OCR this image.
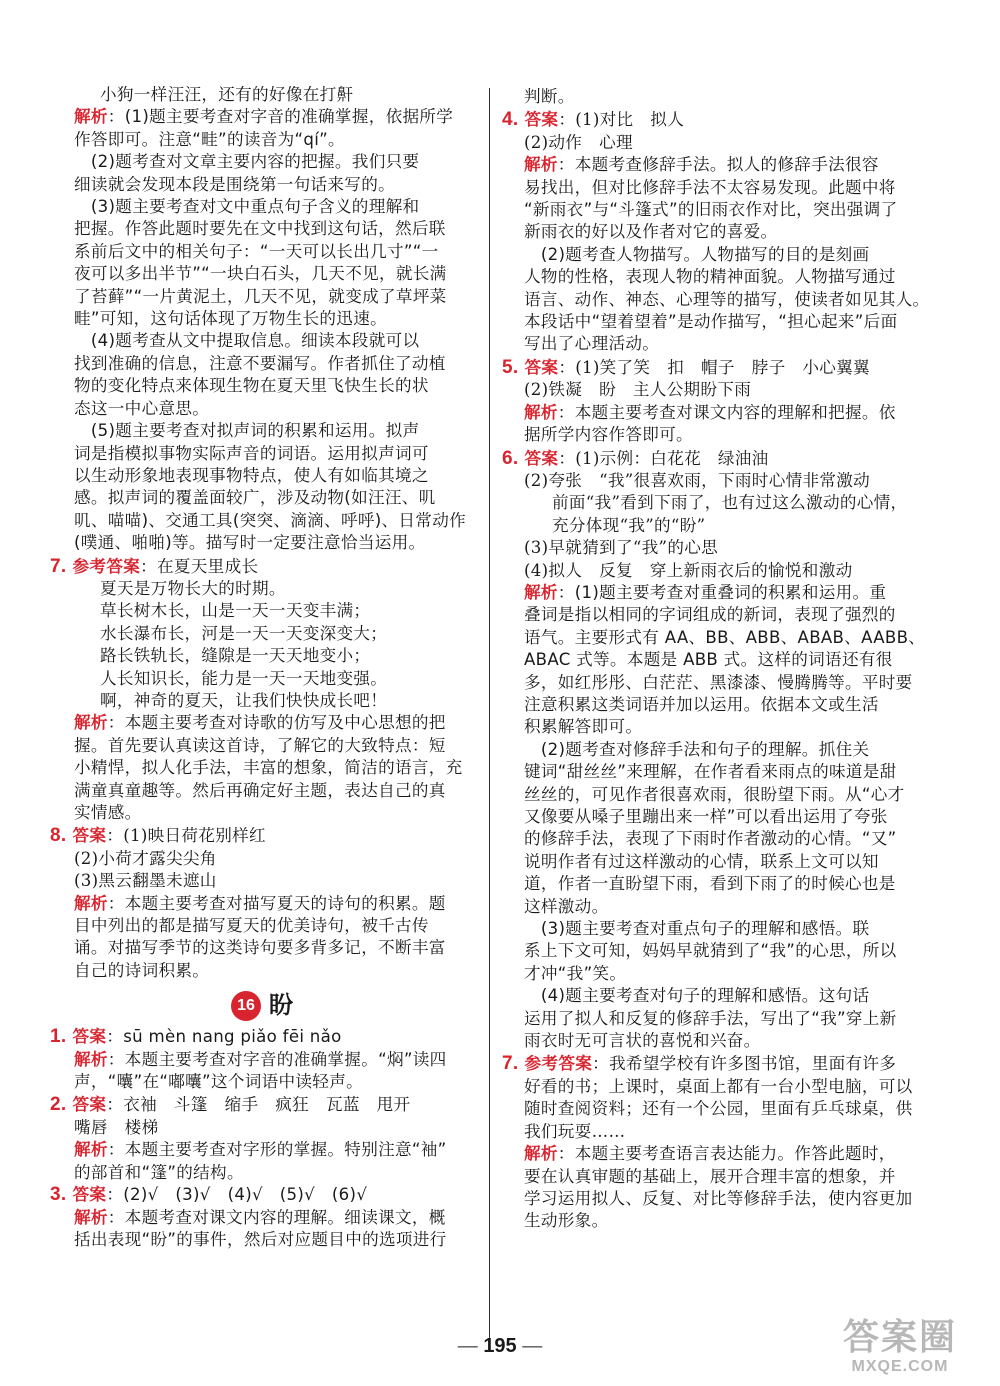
小狗一样汪汪，还有的好像在打鼾
解析：(1)题主要考查对字音的准确掌握，依据所学
作答即可。注意“畦”的读音为“qí”。
　(2)题考查对文章主要内容的把握。我们只要
细读就会发现本段是围绕第一句话来写的。
　(3)题主要考查对文中重点句子含义的理解和
把握。作答此题时要先在文中找到这句话，然后联
系前后文中的相关句子：“一天可以长出几寸”“一
夜可以多出半节”“一块白石头，几天不见，就长满
了苔藓”“一片黄泥土，几天不见，就变成了草坪菜
畦”可知，这句话体现了万物生长的迅速。
　(4)题考查从文中提取信息。细读本段就可以
找到准确的信息，注意不要漏写。作者抓住了动植
物的变化特点来体现生物在夏天里飞快生长的状
态这一中心意思。
　(5)题主要考查对拟声词的积累和运用。拟声
词是指模拟事物实际声音的词语。运用拟声词可
以生动形象地表现事物特点，使人有如临其境之
感。拟声词的覆盖面较广，涉及动物(如汪汪、叽
叽、喵喵)、交通工具(突突、滴滴、呼呼)、日常动作
(噗通、啪啪)等。描写时一定要注意恰当运用。
7. 参考答案：在夏天里成长
夏天是万物长大的时期。
草长树木长，山是一天一天变丰满；
水长瀑布长，河是一天一天变深变大；
路长铁轨长，缝隙是一天天地变小；
人长知识长，能力是一天一天地变强。
啊，神奇的夏天，让我们快快成长吧！
解析：本题主要考查对诗歌的仿写及中心思想的把
握。首先要认真读这首诗，了解它的大致特点：短
小精悍，拟人化手法，丰富的想象，简洁的语言，充
满童真童趣等。然后再确定好主题，表达自己的真
实情感。
8. 答案：(1)映日荷花别样红
(2)小荷才露尖尖角
(3)黑云翻墨未遮山
解析：本题主要考查对描写夏天的诗句的积累。题
目中列出的都是描写夏天的优美诗句，被千古传
诵。对描写季节的这类诗句要多背多记，不断丰富
自己的诗词积累。
16 盼
1. 答案：sū mèn nang piǎo fēi nǎo
解析：本题主要考查对字音的准确掌握。“焖”读四
声，“囔”在“嘟囔”这个词语中读轻声。
2. 答案：衣袖　斗篷　缩手　疯狂　瓦蓝　甩开
嘴唇　楼梯
解析：本题主要考查对字形的掌握。特别注意“袖”
的部首和“篷”的结构。
3. 答案：(2)√　(3)√　(4)√　(5)√　(6)√
解析：本题考查对课文内容的理解。细读课文，概
括出表现“盼”的事件，然后对应题目中的选项进行
判断。
4. 答案：(1)对比　拟人
(2)动作　心理
解析：本题考查修辞手法。拟人的修辞手法很容
易找出，但对比修辞手法不太容易发现。此题中将
“新雨衣”与“斗篷式”的旧雨衣作对比，突出强调了
新雨衣的好以及作者对它的喜爱。
　(2)题考查人物描写。人物描写的目的是刻画
人物的性格，表现人物的精神面貌。人物描写通过
语言、动作、神态、心理等的描写，使读者如见其人。
本段话中“望着望着”是动作描写，“担心起来”后面
写出了心理活动。
5. 答案：(1)笑了笑　扣　帽子　脖子　小心翼翼
(2)铁凝　盼　主人公期盼下雨
解析：本题主要考查对课文内容的理解和把握。依
据所学内容作答即可。
6. 答案：(1)示例：白花花　绿油油
(2)夸张　“我”很喜欢雨，下雨时心情非常激动
前面“我”看到下雨了，也有过这么激动的心情，
充分体现“我”的“盼”
(3)早就猜到了“我”的心思
(4)拟人　反复　穿上新雨衣后的愉悦和激动
解析：(1)题主要考查对重叠词的积累和运用。重
叠词是指以相同的字词组成的新词，表现了强烈的
语气。主要形式有 AA、BB、ABB、ABAB、AABB、
ABAC 式等。本题是 ABB 式。这样的词语还有很
多，如红彤彤、白茫茫、黑漆漆、慢腾腾等。平时要
注意积累这类词语并加以运用。依据本文或生活
积累解答即可。
　(2)题考查对修辞手法和句子的理解。抓住关
键词“甜丝丝”来理解，在作者看来雨点的味道是甜
丝丝的，可见作者很喜欢雨，很盼望下雨。从“心才
又像要从嗓子里蹦出来一样”可以看出运用了夸张
的修辞手法，表现了下雨时作者激动的心情。“又”
说明作者有过这样激动的心情，联系上文可以知
道，作者一直盼望下雨，看到下雨了的时候心也是
这样激动。
　(3)题主要考查对重点句子的理解和感悟。联
系上下文可知，妈妈早就猜到了“我”的心思，所以
才冲“我”笑。
　(4)题主要考查对句子的理解和感悟。这句话
运用了拟人和反复的修辞手法，写出了“我”穿上新
雨衣时无可言状的喜悦和兴奋。
7. 参考答案：我希望学校有许多图书馆，里面有许多
好看的书；上课时，桌面上都有一台小型电脑，可以
随时查阅资料；还有一个公园，里面有乒乓球桌，供
我们玩耍……
解析：本题主要考查语言表达能力。作答此题时，
要在认真审题的基础上，展开合理丰富的想象，并
学习运用拟人、反复、对比等修辞手法，使内容更加
生动形象。
— 195 —	答案圈
MXQE.COM
